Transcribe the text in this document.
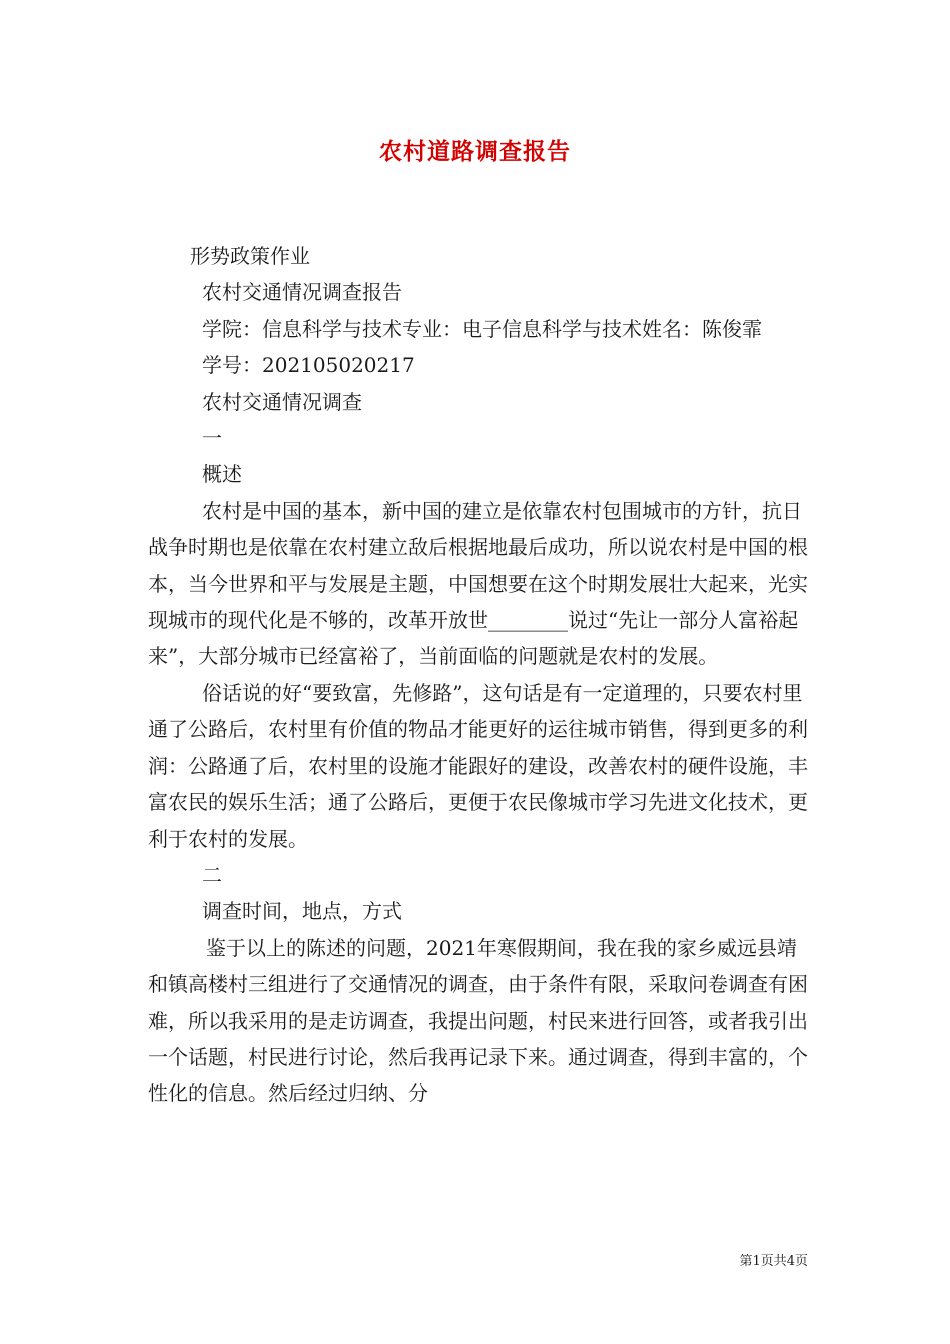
农村道路调查报告

形势政策作业

农村交通情况调查报告

学院：信息科学与技术专业：电子信息科学与技术姓名：陈俊霏

学号：202105020217

农村交通情况调查

一

概述

农村是中国的基本，新中国的建立是依靠农村包围城市的方针，抗日战争时期也是依靠在农村建立敌后根据地最后成功，所以说农村是中国的根本，当今世界和平与发展是主题，中国想要在这个时期发展壮大起来，光实现城市的现代化是不够的，改革开放世________说过“先让一部分人富裕起来”，大部分城市已经富裕了，当前面临的问题就是农村的发展。

俗话说的好“要致富，先修路”，这句话是有一定道理的，只要农村里通了公路后，农村里有价值的物品才能更好的运往城市销售，得到更多的利润：公路通了后，农村里的设施才能跟好的建设，改善农村的硬件设施，丰富农民的娱乐生活；通了公路后，更便于农民像城市学习先进文化技术，更利于农村的发展。

二

调查时间，地点，方式

鉴于以上的陈述的问题，2021年寒假期间，我在我的家乡威远县靖和镇高楼村三组进行了交通情况的调查，由于条件有限，采取问卷调查有困难，所以我采用的是走访调查，我提出问题，村民来进行回答，或者我引出一个话题，村民进行讨论，然后我再记录下来。通过调查，得到丰富的，个性化的信息。然后经过归纳、分

第1页共4页
